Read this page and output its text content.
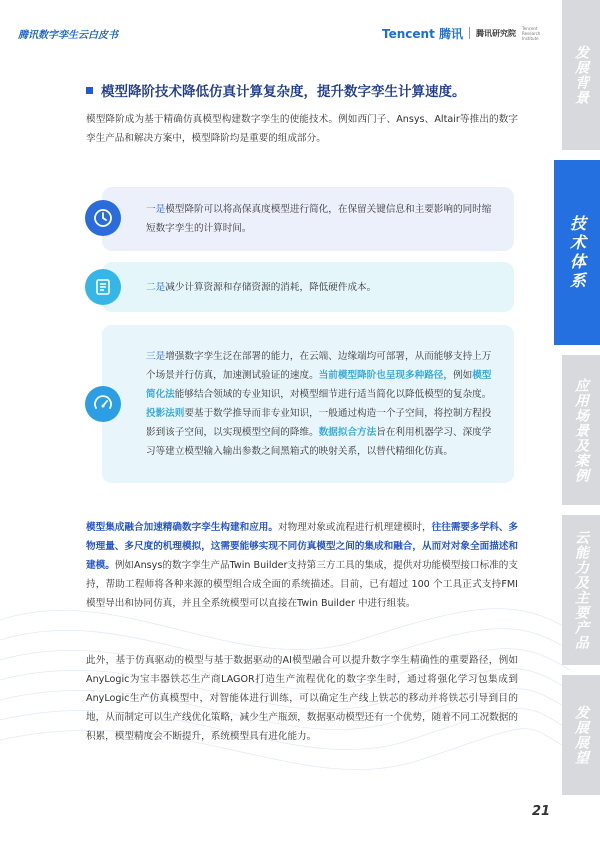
腾讯数字孪生云白皮书	Tencent 腾讯 腾讯研究院
Tencent Research Institute
发展背景
技术体系
应用场景及案例
云能力及主要产品
发展展望
模型降阶技术降低仿真计算复杂度，提升数字孪生计算速度。
模型降阶成为基于精确仿真模型构建数字孪生的使能技术。例如西门子、Ansys、Altair等推出的数字孪生产品和解决方案中，模型降阶均是重要的组成部分。
一是模型降阶可以将高保真度模型进行简化，在保留关键信息和主要影响的同时缩短数字孪生的计算时间。
二是减少计算资源和存储资源的消耗，降低硬件成本。
三是增强数字孪生泛在部署的能力，在云端、边缘端均可部署，从而能够支持上万个场景并行仿真，加速测试验证的速度。当前模型降阶也呈现多种路径，例如模型简化法能够结合领域的专业知识，对模型细节进行适当简化以降低模型的复杂度。投影法则要基于数学推导而非专业知识，一般通过构造一个子空间，将控制方程投影到该子空间，以实现模型空间的降维。数据拟合方法旨在利用机器学习、深度学习等建立模型输入输出参数之间黑箱式的映射关系，以替代精细化仿真。
模型集成融合加速精确数字孪生构建和应用。对物理对象或流程进行机理建模时，往往需要多学科、多物理量、多尺度的机理模拟，这需要能够实现不同仿真模型之间的集成和融合，从而对对象全面描述和建模。例如Ansys的数字孪生产品Twin Builder支持第三方工具的集成，提供对功能模型接口标准的支持，帮助工程师将各种来源的模型组合成全面的系统描述。目前，已有超过 100 个工具正式支持FMI模型导出和协同仿真，并且全系统模型可以直接在Twin Builder 中进行组装。
此外，基于仿真驱动的模型与基于数据驱动的AI模型融合可以提升数字孪生精确性的重要路径，例如AnyLogic为宝丰器铁芯生产商LAGOR打造生产流程优化的数字孪生时，通过将强化学习包集成到AnyLogic生产仿真模型中，对智能体进行训练，可以确定生产线上铁芯的移动并将铁芯引导到目的地，从而制定可以生产线优化策略，减少生产瓶颈，数据驱动模型还有一个优势，随着不同工况数据的积累，模型精度会不断提升，系统模型具有进化能力。
21
